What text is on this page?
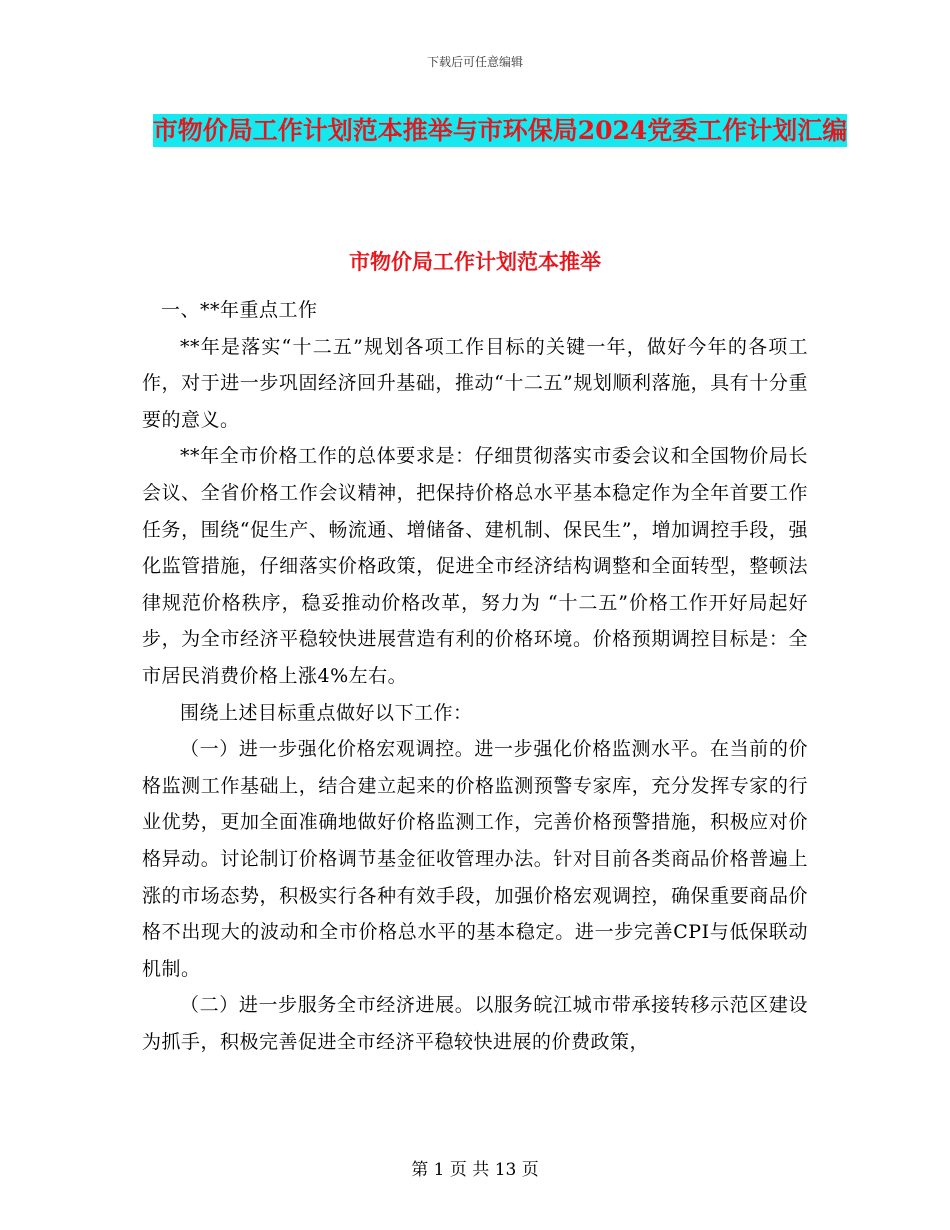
下载后可任意编辑
市物价局工作计划范本推举与市环保局2024党委工作计划汇编
市物价局工作计划范本推举

一、**年重点工作

**年是落实“十二五”规划各项工作目标的关键一年，做好今年的各项工作，对于进一步巩固经济回升基础，推动“十二五”规划顺利落施，具有十分重要的意义。

**年全市价格工作的总体要求是：仔细贯彻落实市委会议和全国物价局长会议、全省价格工作会议精神，把保持价格总水平基本稳定作为全年首要工作任务，围绕“促生产、畅流通、增储备、建机制、保民生”，增加调控手段，强化监管措施，仔细落实价格政策，促进全市经济结构调整和全面转型，整顿法律规范价格秩序，稳妥推动价格改革，努力为 “十二五”价格工作开好局起好步，为全市经济平稳较快进展营造有利的价格环境。价格预期调控目标是：全市居民消费价格上涨4%左右。

围绕上述目标重点做好以下工作：

（一）进一步强化价格宏观调控。进一步强化价格监测水平。在当前的价格监测工作基础上，结合建立起来的价格监测预警专家库，充分发挥专家的行业优势，更加全面准确地做好价格监测工作，完善价格预警措施，积极应对价格异动。讨论制订价格调节基金征收管理办法。针对目前各类商品价格普遍上涨的市场态势，积极实行各种有效手段，加强价格宏观调控，确保重要商品价格不出现大的波动和全市价格总水平的基本稳定。进一步完善CPI与低保联动机制。

（二）进一步服务全市经济进展。以服务皖江城市带承接转移示范区建设为抓手，积极完善促进全市经济平稳较快进展的价费政策，

第 1 页 共 13 页
